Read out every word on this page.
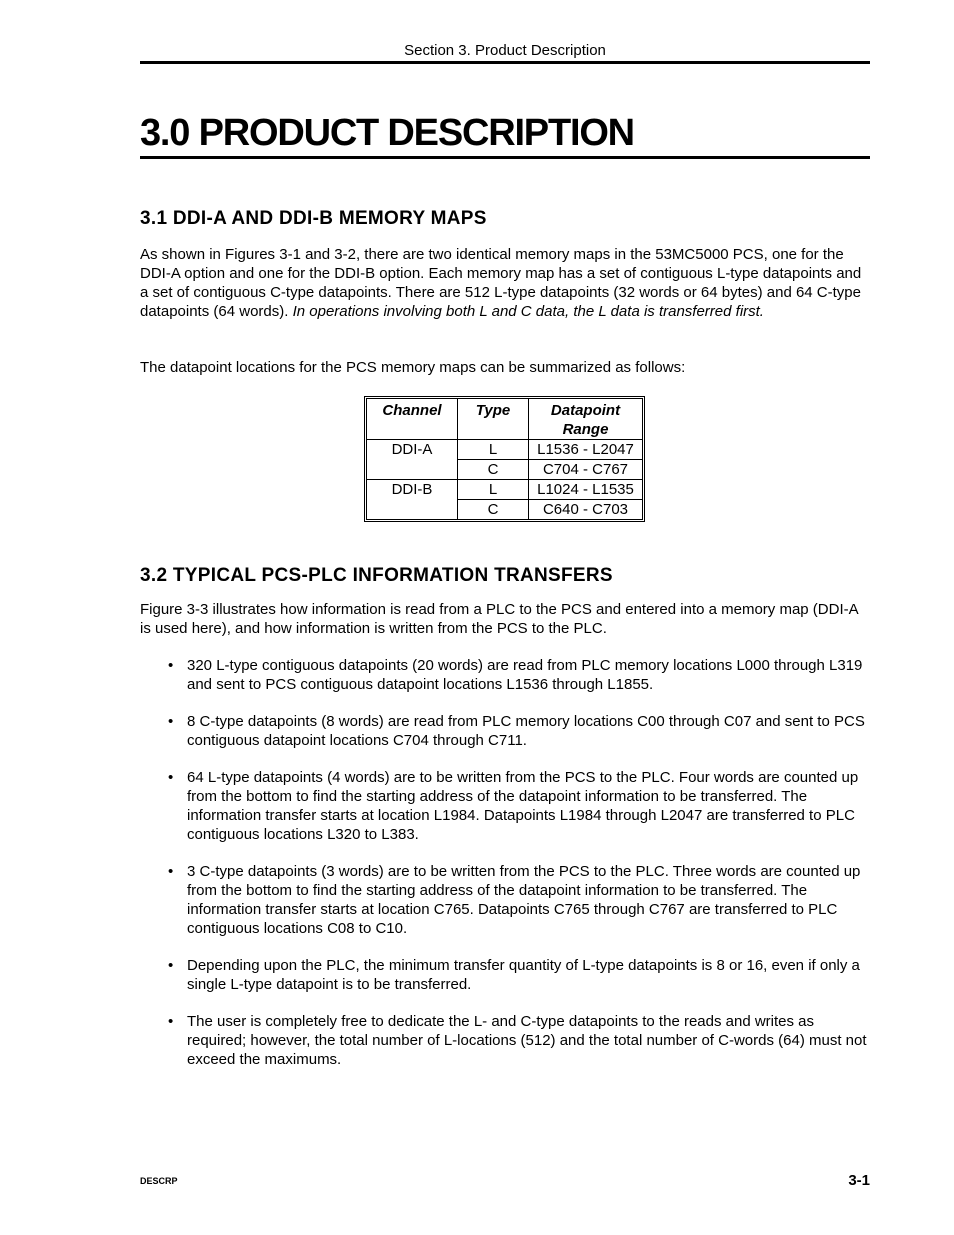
Section 3. Product Description
3.0 PRODUCT DESCRIPTION
3.1 DDI-A AND DDI-B MEMORY MAPS

As shown in Figures 3-1 and 3-2, there are two identical memory maps in the 53MC5000 PCS, one for the DDI-A option and one for the DDI-B option. Each memory map has a set of contiguous L-type datapoints and a set of contiguous C-type datapoints. There are 512 L-type datapoints (32 words or 64 bytes) and 64 C-type datapoints (64 words). In operations involving both L and C data, the L data is transferred first.

The datapoint locations for the PCS memory maps can be summarized as follows:

Channel	Type	Datapoint Range
DDI-A	L	L1536 - L2047
	C	C704 - C767
DDI-B	L	L1024 - L1535
	C	C640 - C703
3.2 TYPICAL PCS-PLC INFORMATION TRANSFERS

Figure 3-3 illustrates how information is read from a PLC to the PCS and entered into a memory map (DDI-A is used here), and how information is written from the PCS to the PLC.

• 320 L-type contiguous datapoints (20 words) are read from PLC memory locations L000 through L319 and sent to PCS contiguous datapoint locations L1536 through L1855.
• 8 C-type datapoints (8 words) are read from PLC memory locations C00 through C07 and sent to PCS contiguous datapoint locations C704 through C711.
• 64 L-type datapoints (4 words) are to be written from the PCS to the PLC. Four words are counted up from the bottom to find the starting address of the datapoint information to be transferred. The information transfer starts at location L1984. Datapoints L1984 through L2047 are transferred to PLC contiguous locations L320 to L383.
• 3 C-type datapoints (3 words) are to be written from the PCS to the PLC. Three words are counted up from the bottom to find the starting address of the datapoint information to be transferred. The information transfer starts at location C765. Datapoints C765 through C767 are transferred to PLC contiguous locations C08 to C10.
• Depending upon the PLC, the minimum transfer quantity of L-type datapoints is 8 or 16, even if only a single L-type datapoint is to be transferred.
• The user is completely free to dedicate the L- and C-type datapoints to the reads and writes as required; however, the total number of L-locations (512) and the total number of C-words (64) must not exceed the maximums.
DESCRP	3-1
